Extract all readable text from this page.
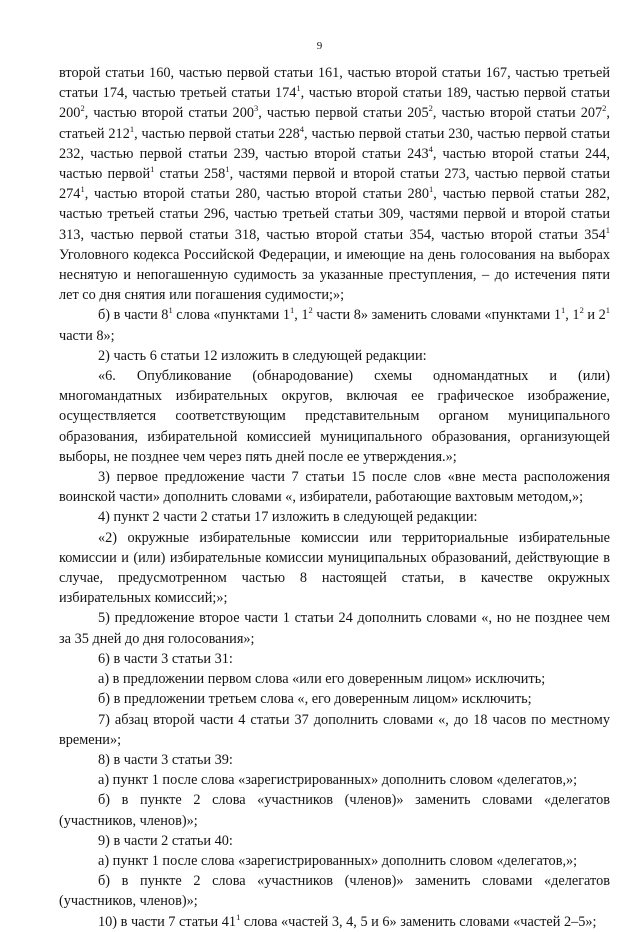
9

второй статьи 160, частью первой статьи 161, частью второй статьи 167, частью третьей статьи 174, частью третьей статьи $174^1$, частью второй статьи 189, частью первой статьи $200^2$, частью второй статьи $200^3$, частью первой статьи $205^2$, частью второй статьи $207^2$, статьей $212^1$, частью первой статьи $228^4$, частью первой статьи 230, частью первой статьи 232, частью первой статьи 239, частью второй статьи $243^4$, частью второй статьи 244, частью первой$^1$ статьи $258^1$, частями первой и второй статьи 273, частью первой статьи $274^1$, частью второй статьи 280, частью второй статьи $280^1$, частью первой статьи 282, частью третьей статьи 296, частью третьей статьи 309, частями первой и второй статьи 313, частью первой статьи 318, частью второй статьи 354, частью второй статьи $354^1$ Уголовного кодекса Российской Федерации, и имеющие на день голосования на выборах неснятую и непогашенную судимость за указанные преступления, – до истечения пяти лет со дня снятия или погашения судимости;»;

б) в части $8^1$ слова «пунктами $1^1$, $1^2$ части 8» заменить словами «пунктами $1^1$, $1^2$ и $2^1$ части 8»;

2) часть 6 статьи 12 изложить в следующей редакции:

«6. Опубликование (обнародование) схемы одномандатных и (или) многомандатных избирательных округов, включая ее графическое изображение, осуществляется соответствующим представительным органом муниципального образования, избирательной комиссией муниципального образования, организующей выборы, не позднее чем через пять дней после ее утверждения.»;

3) первое предложение части 7 статьи 15 после слов «вне места расположения воинской части» дополнить словами «, избиратели, работающие вахтовым методом,»;

4) пункт 2 части 2 статьи 17 изложить в следующей редакции:

«2) окружные избирательные комиссии или территориальные избирательные комиссии и (или) избирательные комиссии муниципальных образований, действующие в случае, предусмотренном частью 8 настоящей статьи, в качестве окружных избирательных комиссий;»;

5) предложение второе части 1 статьи 24 дополнить словами «, но не позднее чем за 35 дней до дня голосования»;

6) в части 3 статьи 31:

а) в предложении первом слова «или его доверенным лицом» исключить;

б) в предложении третьем слова «, его доверенным лицом» исключить;

7) абзац второй части 4 статьи 37 дополнить словами «, до 18 часов по местному времени»;

8) в части 3 статьи 39:

а) пункт 1 после слова «зарегистрированных» дополнить словом «делегатов,»;

б) в пункте 2 слова «участников (членов)» заменить словами «делегатов (участников, членов)»;

9) в части 2 статьи 40:

а) пункт 1 после слова «зарегистрированных» дополнить словом «делегатов,»;

б) в пункте 2 слова «участников (членов)» заменить словами «делегатов (участников, членов)»;

10) в части 7 статьи $41^1$ слова «частей 3, 4, 5 и 6» заменить словами «частей 2–5»;
